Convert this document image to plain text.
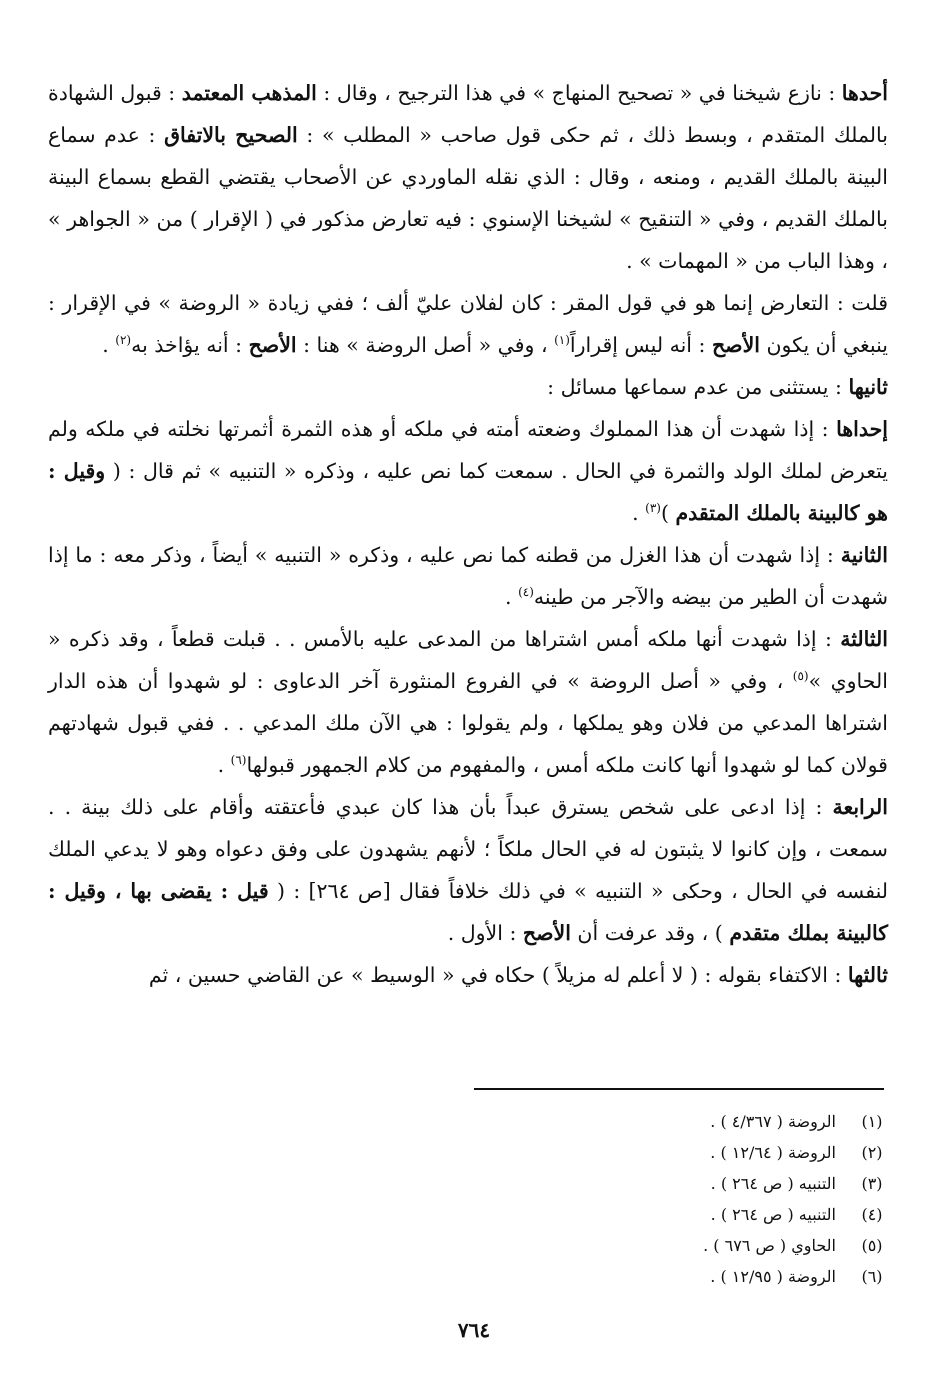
أحدها : نازع شيخنا في « تصحيح المنهاج » في هذا الترجيح ، وقال : المذهب المعتمد : قبول الشهادة بالملك المتقدم ، وبسط ذلك ، ثم حكى قول صاحب « المطلب » : الصحيح بالاتفاق : عدم سماع البينة بالملك القديم ، ومنعه ، وقال : الذي نقله الماوردي عن الأصحاب يقتضي القطع بسماع البينة بالملك القديم ، وفي « التنقيح » لشيخنا الإسنوي : فيه تعارض مذكور في ( الإقرار ) من « الجواهر » ، وهذا الباب من « المهمات » .

قلت : التعارض إنما هو في قول المقر : كان لفلان عليّ ألف ؛ ففي زيادة « الروضة » في الإقرار : ينبغي أن يكون الأصح : أنه ليس إقراراً$^{(١)}$ ، وفي « أصل الروضة » هنا : الأصح : أنه يؤاخذ به$^{(٢)}$ .

ثانيها : يستثنى من عدم سماعها مسائل :

إحداها : إذا شهدت أن هذا المملوك وضعته أمته في ملكه أو هذه الثمرة أثمرتها نخلته في ملكه ولم يتعرض لملك الولد والثمرة في الحال . سمعت كما نص عليه ، وذكره « التنبيه » ثم قال : ( وقيل : هو كالبينة بالملك المتقدم )$^{(٣)}$ .

الثانية : إذا شهدت أن هذا الغزل من قطنه كما نص عليه ، وذكره « التنبيه » أيضاً ، وذكر معه : ما إذا شهدت أن الطير من بيضه والآجر من طينه$^{(٤)}$ .

الثالثة : إذا شهدت أنها ملكه أمس اشتراها من المدعى عليه بالأمس . . قبلت قطعاً ، وقد ذكره « الحاوي »$^{(٥)}$ ، وفي « أصل الروضة » في الفروع المنثورة آخر الدعاوى : لو شهدوا أن هذه الدار اشتراها المدعي من فلان وهو يملكها ، ولم يقولوا : هي الآن ملك المدعي . . ففي قبول شهادتهم قولان كما لو شهدوا أنها كانت ملكه أمس ، والمفهوم من كلام الجمهور قبولها$^{(٦)}$ .

الرابعة : إذا ادعى على شخص يسترق عبداً بأن هذا كان عبدي فأعتقته وأقام على ذلك بينة . . سمعت ، وإن كانوا لا يثبتون له في الحال ملكاً ؛ لأنهم يشهدون على وفق دعواه وهو لا يدعي الملك لنفسه في الحال ، وحكى « التنبيه » في ذلك خلافاً فقال [ص ٢٦٤] : ( قيل : يقضى بها ، وقيل : كالبينة بملك متقدم ) ، وقد عرفت أن الأصح : الأول .

ثالثها : الاكتفاء بقوله : ( لا أعلم له مزيلاً ) حكاه في « الوسيط » عن القاضي حسين ، ثم

(١)
الروضة ( ٤/٣٦٧ ) .
(٢)
الروضة ( ١٢/٦٤ ) .
(٣)
التنبيه ( ص ٢٦٤ ) .
(٤)
التنبيه ( ص ٢٦٤ ) .
(٥)
الحاوي ( ص ٦٧٦ ) .
(٦)
الروضة ( ١٢/٩٥ ) .
٧٦٤
